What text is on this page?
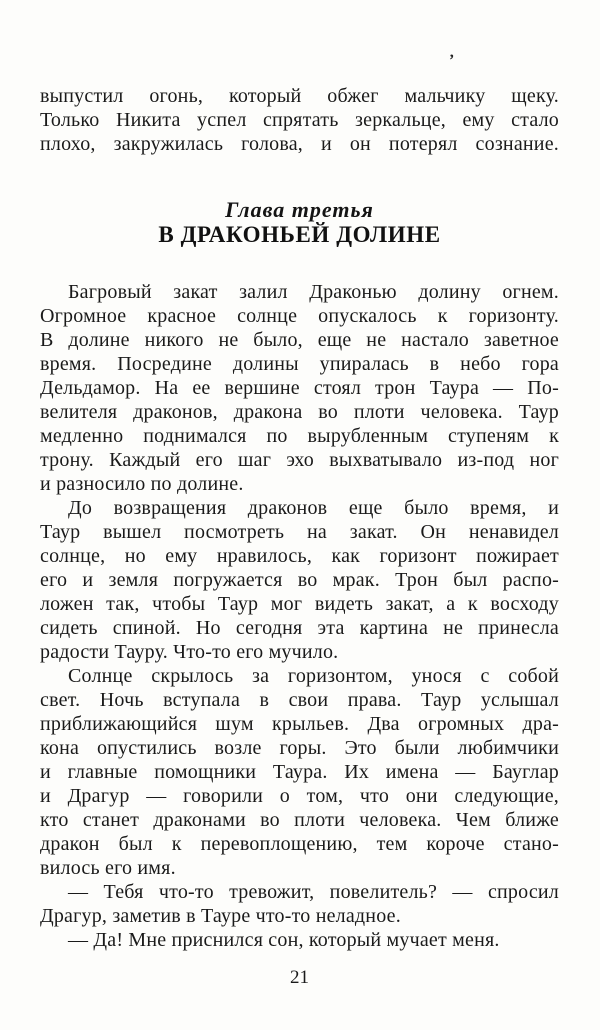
’
выпустил огонь, который обжег мальчику щеку.
Только Никита успел спрятать зеркальце, ему стало
плохо, закружилась голова, и он потерял сознание.
Глава третья
В ДРАКОНЬЕЙ ДОЛИНЕ
Багровый закат залил Драконью долину огнем.
Огромное красное солнце опускалось к горизонту.
В долине никого не было, еще не настало заветное
время. Посредине долины упиралась в небо гора
Дельдамор. На ее вершине стоял трон Таура — По-
велителя драконов, дракона во плоти человека. Таур
медленно поднимался по вырубленным ступеням к
трону. Каждый его шаг эхо выхватывало из-под ног
и разносило по долине.
До возвращения драконов еще было время, и
Таур вышел посмотреть на закат. Он ненавидел
солнце, но ему нравилось, как горизонт пожирает
его и земля погружается во мрак. Трон был распо-
ложен так, чтобы Таур мог видеть закат, а к восходу
сидеть спиной. Но сегодня эта картина не принесла
радости Тауру. Что-то его мучило.
Солнце скрылось за горизонтом, унося с собой
свет. Ночь вступала в свои права. Таур услышал
приближающийся шум крыльев. Два огромных дра-
кона опустились возле горы. Это были любимчики
и главные помощники Таура. Их имена — Бауглар
и Драгур — говорили о том, что они следующие,
кто станет драконами во плоти человека. Чем ближе
дракон был к перевоплощению, тем короче стано-
вилось его имя.
— Тебя что-то тревожит, повелитель? — спросил
Драгур, заметив в Тауре что-то неладное.
— Да! Мне приснился сон, который мучает меня.
21
